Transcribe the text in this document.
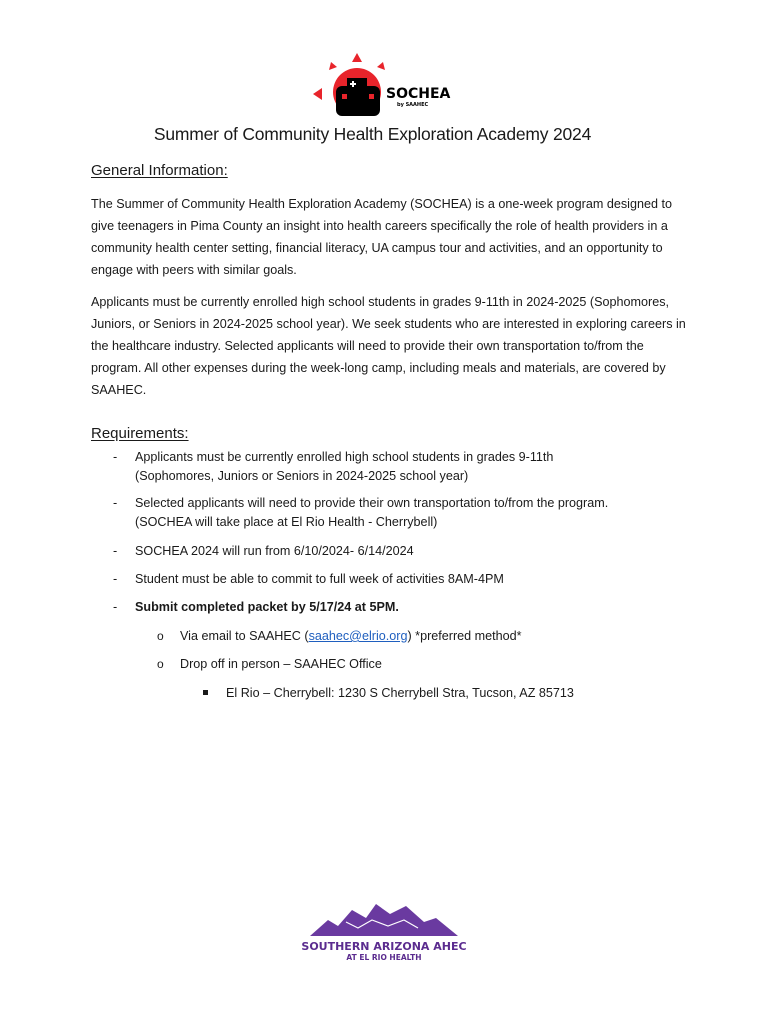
SOCHEA
by SAAHEC
Summer of Community Health Exploration Academy 2024
General Information:

The Summer of Community Health Exploration Academy (SOCHEA) is a one-week program designed to give teenagers in Pima County an insight into health careers specifically the role of health providers in a community health center setting, financial literacy, UA campus tour and activities, and an opportunity to engage with peers with similar goals.

Applicants must be currently enrolled high school students in grades 9-11th in 2024-2025 (Sophomores, Juniors, or Seniors in 2024-2025 school year). We seek students who are interested in exploring careers in the healthcare industry. Selected applicants will need to provide their own transportation to/from the program. All other expenses during the week-long camp, including meals and materials, are covered by SAAHEC.

Requirements:
- Applicants must be currently enrolled high school students in grades 9-11th (Sophomores, Juniors or Seniors in 2024-2025 school year)
- Selected applicants will need to provide their own transportation to/from the program. (SOCHEA will take place at El Rio Health - Cherrybell)
- SOCHEA 2024 will run from 6/10/2024- 6/14/2024
- Student must be able to commit to full week of activities 8AM-4PM
- Submit completed packet by 5/17/24 at 5PM.
o Via email to SAAHEC (saahec@elrio.org) *preferred method*
o Drop off in person – SAAHEC Office
El Rio – Cherrybell: 1230 S Cherrybell Stra, Tucson, AZ 85713
SOUTHERN ARIZONA AHEC
AT EL RIO HEALTH
